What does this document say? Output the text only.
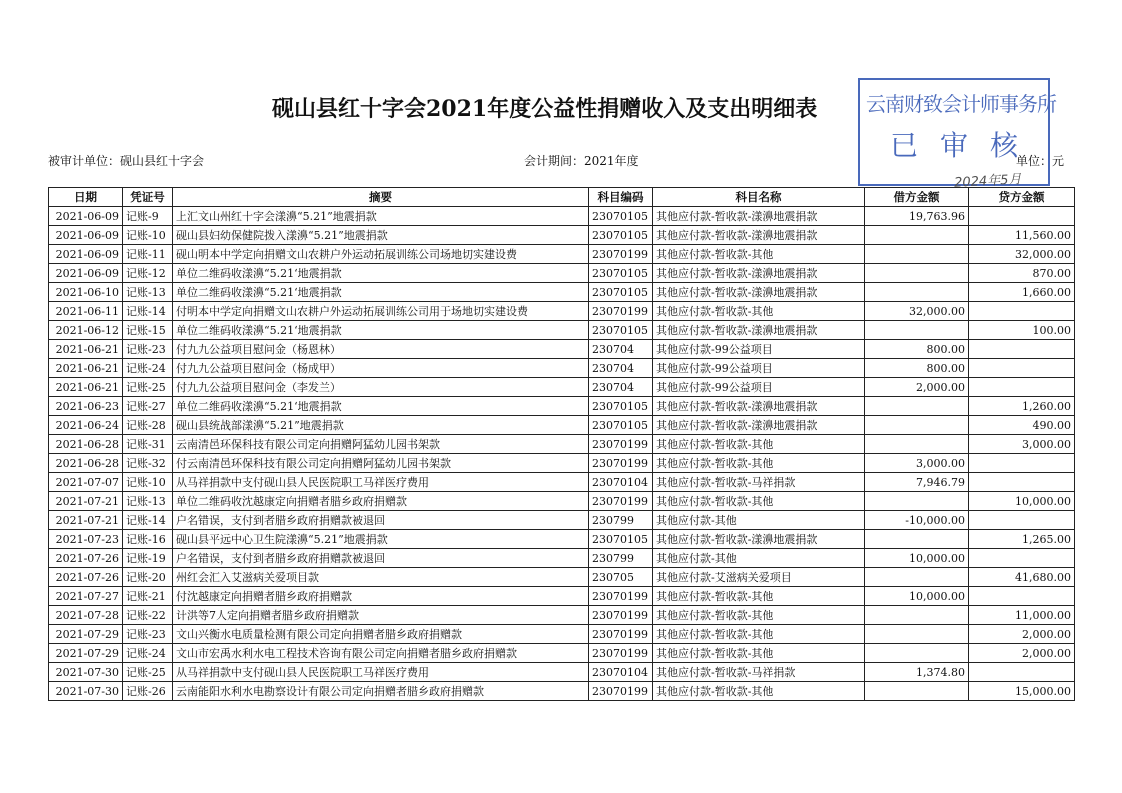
砚山县红十字会2021年度公益性捐赠收入及支出明细表
被审计单位：砚山县红十字会	会计期间：2021年度	单位：元
云南财致会计师事务所
已审核
2024年5月
日期	凭证号	摘要	科目编码	科目名称	借方金额	贷方金额
2021-06-09	记账-9	上汇文山州红十字会漾濞“5.21”地震捐款	23070105	其他应付款-暂收款-漾濞地震捐款	19,763.96	
2021-06-09	记账-10	砚山县妇幼保健院拨入漾濞“5.21”地震捐款	23070105	其他应付款-暂收款-漾濞地震捐款		11,560.00
2021-06-09	记账-11	砚山明本中学定向捐赠文山农耕户外运动拓展训练公司场地切实建设费	23070199	其他应付款-暂收款-其他		32,000.00
2021-06-09	记账-12	单位二维码收漾濞“5.21‘地震捐款	23070105	其他应付款-暂收款-漾濞地震捐款		870.00
2021-06-10	记账-13	单位二维码收漾濞“5.21‘地震捐款	23070105	其他应付款-暂收款-漾濞地震捐款		1,660.00
2021-06-11	记账-14	付明本中学定向捐赠文山农耕户外运动拓展训练公司用于场地切实建设费	23070199	其他应付款-暂收款-其他	32,000.00	
2021-06-12	记账-15	单位二维码收漾濞“5.21‘地震捐款	23070105	其他应付款-暂收款-漾濞地震捐款		100.00
2021-06-21	记账-23	付九九公益项目慰问金（杨恩林）	230704	其他应付款-99公益项目	800.00	
2021-06-21	记账-24	付九九公益项目慰问金（杨成甲）	230704	其他应付款-99公益项目	800.00	
2021-06-21	记账-25	付九九公益项目慰问金（李发兰）	230704	其他应付款-99公益项目	2,000.00	
2021-06-23	记账-27	单位二维码收漾濞“5.21‘地震捐款	23070105	其他应付款-暂收款-漾濞地震捐款		1,260.00
2021-06-24	记账-28	砚山县统战部漾濞“5.21”地震捐款	23070105	其他应付款-暂收款-漾濞地震捐款		490.00
2021-06-28	记账-31	云南清邑环保科技有限公司定向捐赠阿猛幼儿园书架款	23070199	其他应付款-暂收款-其他		3,000.00
2021-06-28	记账-32	付云南清邑环保科技有限公司定向捐赠阿猛幼儿园书架款	23070199	其他应付款-暂收款-其他	3,000.00	
2021-07-07	记账-10	从马祥捐款中支付砚山县人民医院职工马祥医疗费用	23070104	其他应付款-暂收款-马祥捐款	7,946.79	
2021-07-21	记账-13	单位二维码收沈越康定向捐赠者腊乡政府捐赠款	23070199	其他应付款-暂收款-其他		10,000.00
2021-07-21	记账-14	户名错误，支付到者腊乡政府捐赠款被退回	230799	其他应付款-其他	-10,000.00	
2021-07-23	记账-16	砚山县平远中心卫生院漾濞“5.21”地震捐款	23070105	其他应付款-暂收款-漾濞地震捐款		1,265.00
2021-07-26	记账-19	户名错误，支付到者腊乡政府捐赠款被退回	230799	其他应付款-其他	10,000.00	
2021-07-26	记账-20	州红会汇入艾滋病关爱项目款	230705	其他应付款-艾滋病关爱项目		41,680.00
2021-07-27	记账-21	付沈越康定向捐赠者腊乡政府捐赠款	23070199	其他应付款-暂收款-其他	10,000.00	
2021-07-28	记账-22	计洪等7人定向捐赠者腊乡政府捐赠款	23070199	其他应付款-暂收款-其他		11,000.00
2021-07-29	记账-23	文山兴衡水电质量检测有限公司定向捐赠者腊乡政府捐赠款	23070199	其他应付款-暂收款-其他		2,000.00
2021-07-29	记账-24	文山市宏禹水利水电工程技术咨询有限公司定向捐赠者腊乡政府捐赠款	23070199	其他应付款-暂收款-其他		2,000.00
2021-07-30	记账-25	从马祥捐款中支付砚山县人民医院职工马祥医疗费用	23070104	其他应付款-暂收款-马祥捐款	1,374.80	
2021-07-30	记账-26	云南能阳水利水电勘察设计有限公司定向捐赠者腊乡政府捐赠款	23070199	其他应付款-暂收款-其他		15,000.00
